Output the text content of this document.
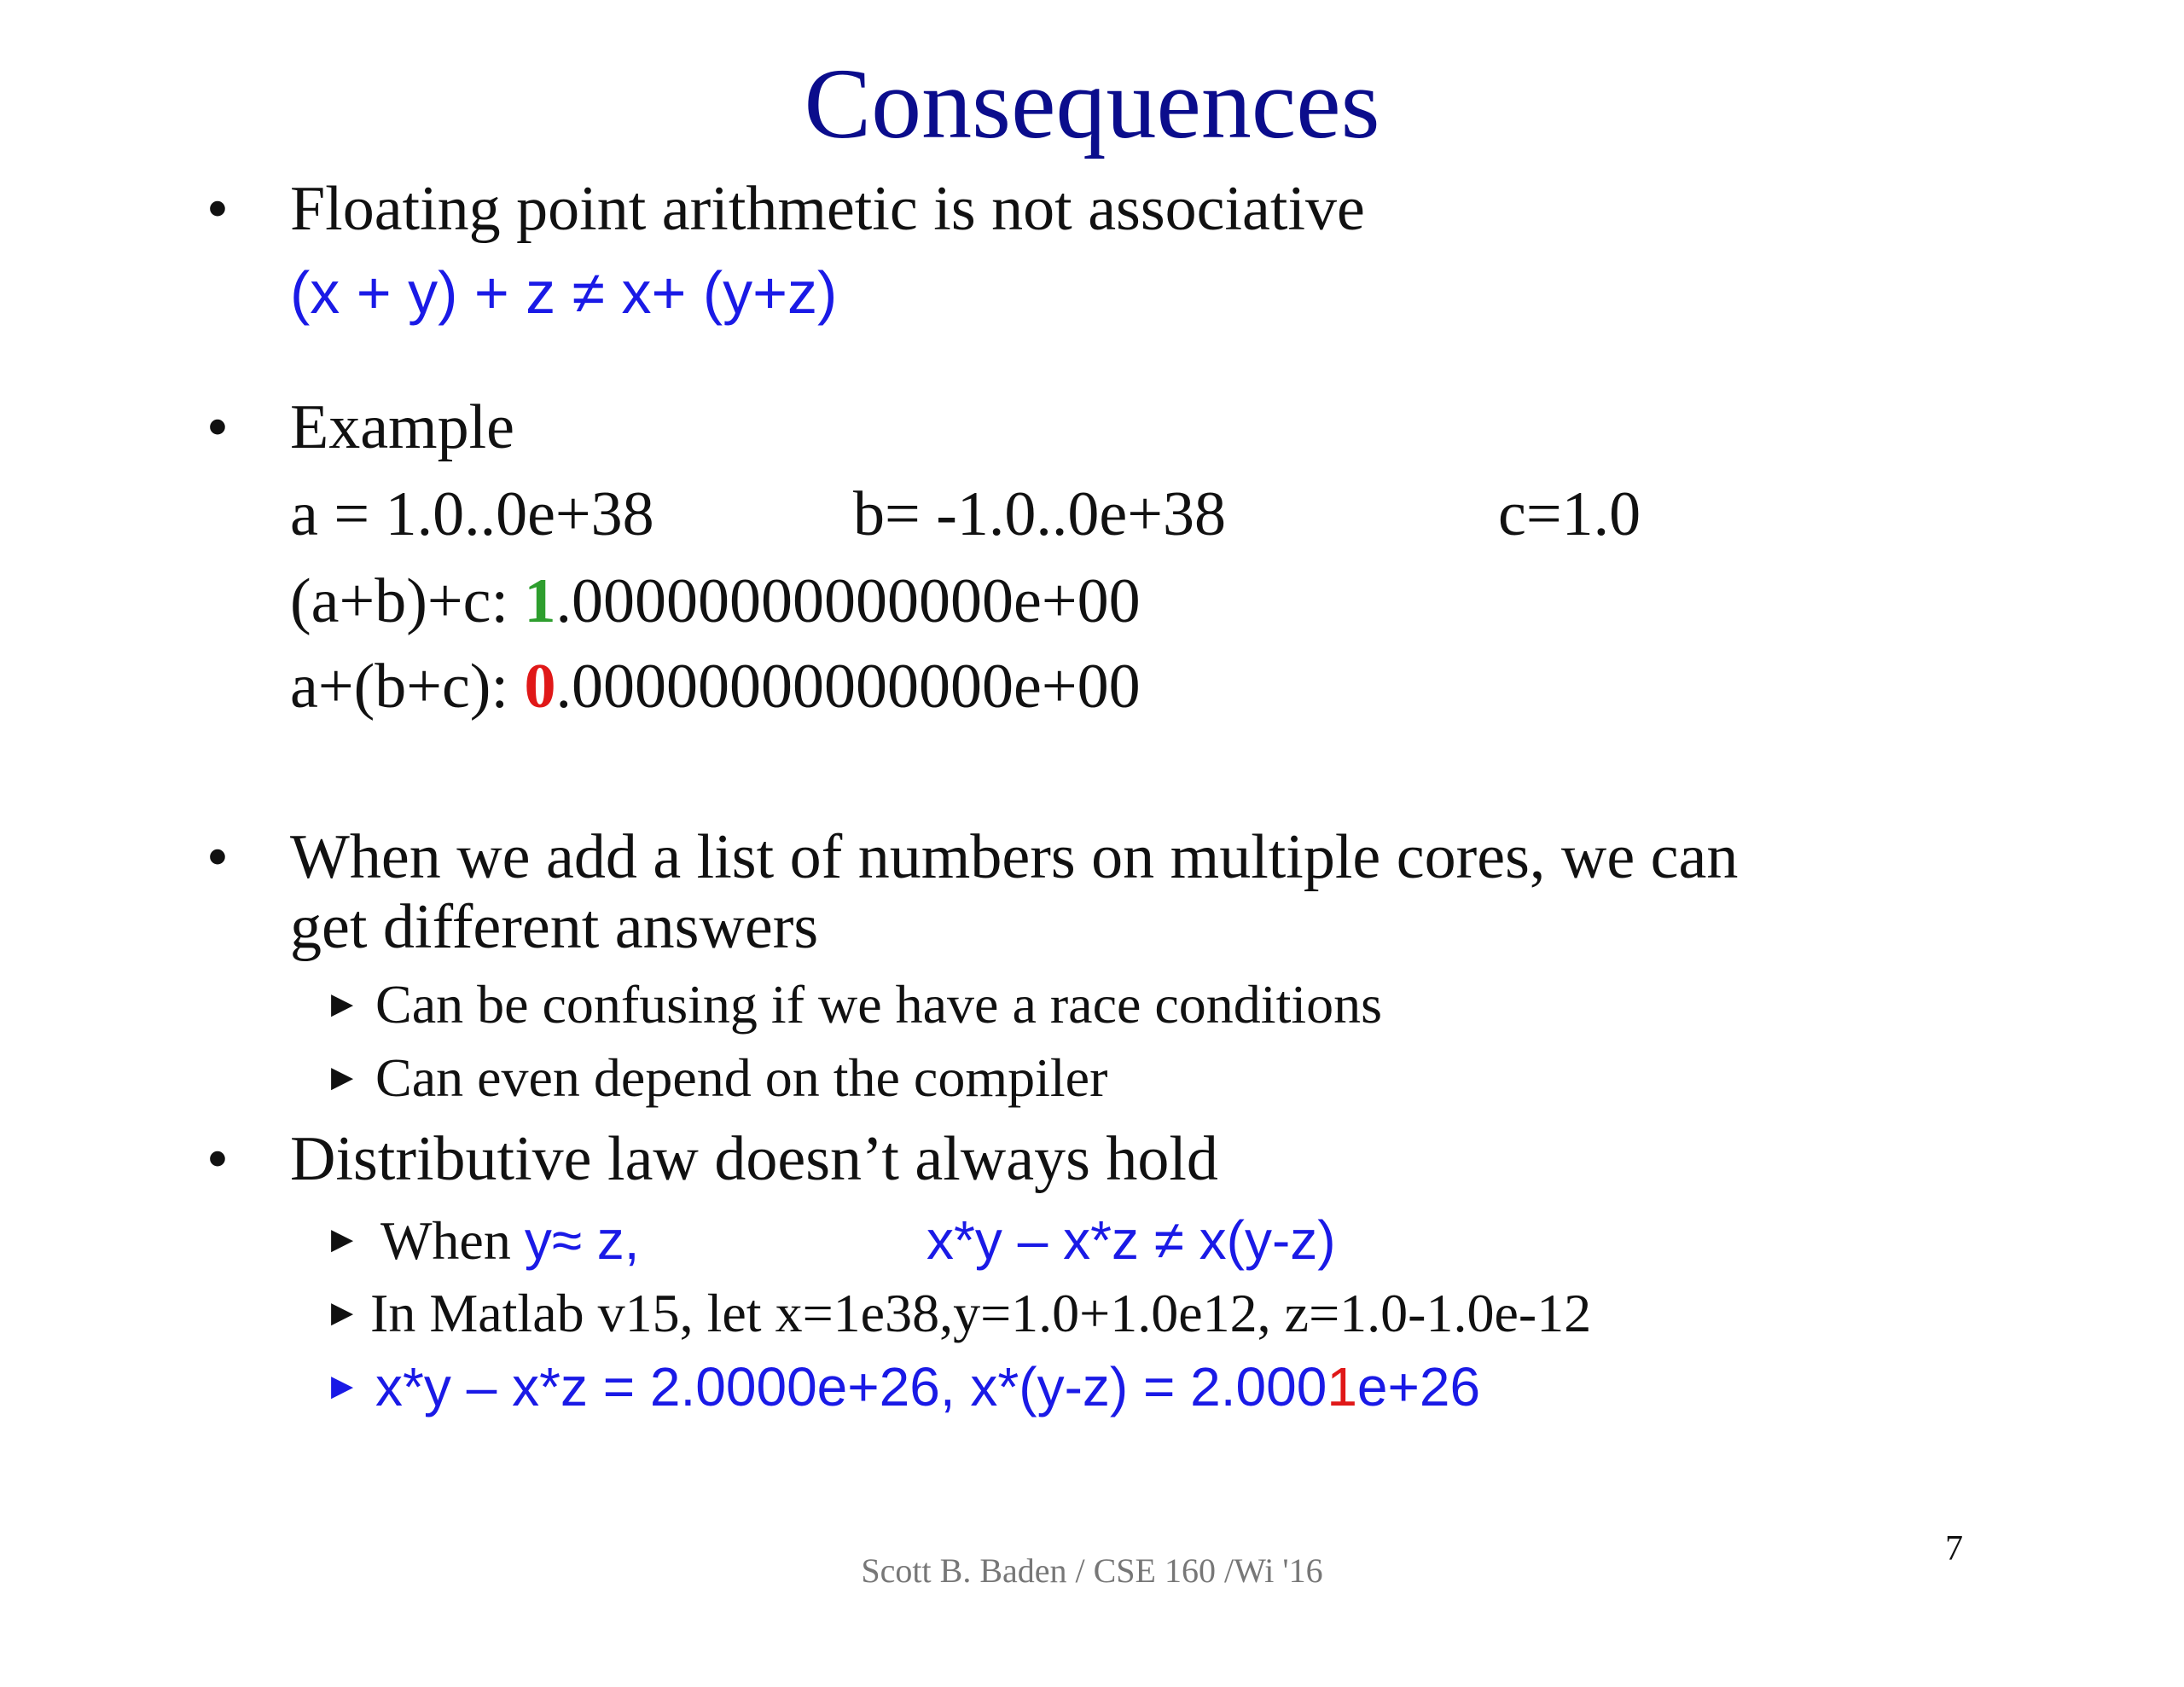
Consequences
• Floating point arithmetic is not associative
(x + y) + z ≠ x+ (y+z)
• Example
a = 1.0..0e+38	b= -1.0..0e+38	c=1.0
(a+b)+c: 1.00000000000000e+00
a+(b+c): 0.00000000000000e+00
• When we add a list of numbers on multiple cores, we can
get different answers
▶ Can be confusing if we have a race conditions
▶ Can even depend on the compiler
• Distributive law doesn’t always hold
▶ When y≈ z,	x*y – x*z ≠ x(y-z)
▶ In Matlab v15, let x=1e38,y=1.0+1.0e12, z=1.0-1.0e-12
▶ x*y – x*z = 2.0000e+26, x*(y-z) = 2.0001e+26
Scott B. Baden / CSE 160 /Wi '16
7
